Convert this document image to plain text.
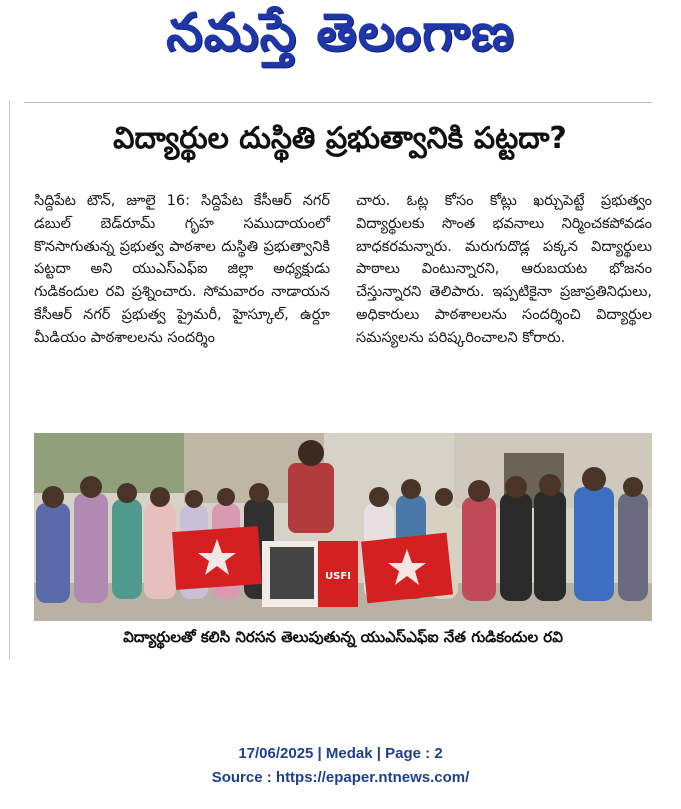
నమస్తే తెలంగాణ
విద్యార్థుల దుస్థితి ప్రభుత్వానికి పట్టదా?
సిద్దిపేట టౌన్, జూలై 16: సిద్దిపేట కేసీఆర్ నగర్ డబుల్ బెడ్‌రూమ్ గృహ సముదాయంలో కొనసాగుతున్న ప్రభుత్వ పాఠశాల దుస్థితి ప్రభుత్వానికి పట్టదా అని యుఎస్ఎఫ్ఐ జిల్లా అధ్యక్షుడు గుడికందుల రవి ప్రశ్నించారు. సోమవారం నాడాయన కేసీఆర్ నగర్ ప్రభుత్వ ప్రైమరీ, హైస్కూల్, ఉర్దూ మీడియం పాఠశాలలను సందర్శిం
చారు. ఓట్ల కోసం కోట్లు ఖర్చుపెట్టే ప్రభుత్వం విద్యార్థులకు సొంత భవనాలు నిర్మించకపోవడం బాధకరమన్నారు. మరుగుదొడ్ల పక్కన విద్యార్థులు పాఠాలు వింటున్నారని, ఆరుబయట భోజనం చేస్తున్నారని తెలిపారు. ఇప్పటికైనా ప్రజాప్రతినిధులు, అధికారులు పాఠశాలలను సందర్శించి విద్యార్థుల సమస్యలను పరిష్కరించాలని కోరారు.
USFI
విద్యార్థులతో కలిసి నిరసన తెలుపుతున్న యుఎస్ఎఫ్ఐ నేత గుడికందుల రవి
17/06/2025 | Medak | Page : 2
Source : https://epaper.ntnews.com/
